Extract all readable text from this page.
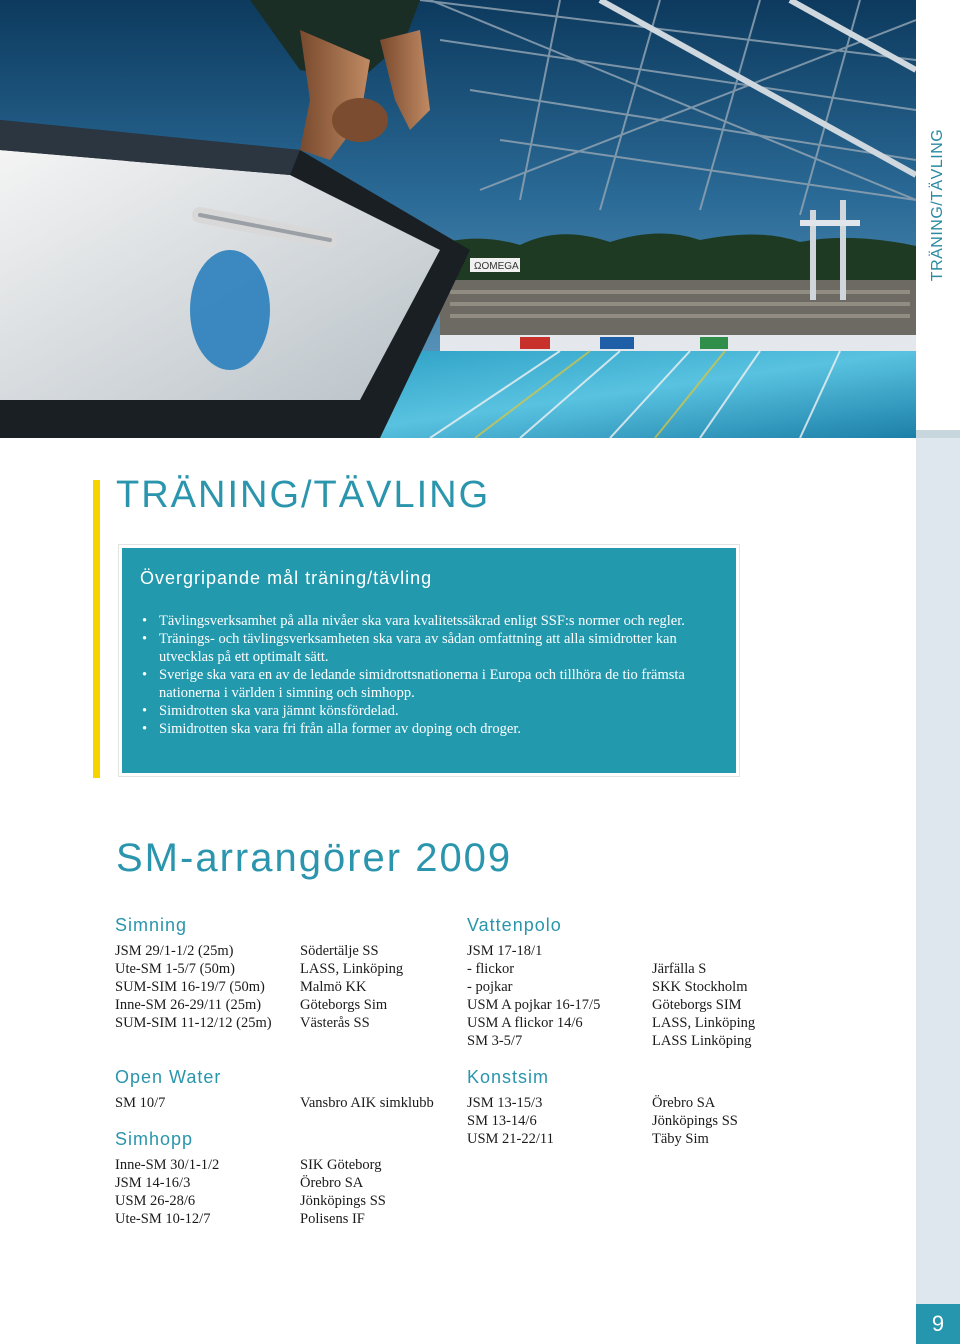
ΩOMEGA	TRÄNING/TÄVLING
9
TRÄNING/TÄVLING
Övergripande mål träning/tävling
• Tävlingsverksamhet på alla nivåer ska vara kvalitetssäkrad enligt SSF:s normer och regler.
• Tränings- och tävlingsverksamheten ska vara av sådan omfattning att alla simidrotter kan utvecklas på ett optimalt sätt.
• Sverige ska vara en av de ledande simidrottsnationerna i Europa och tillhöra de tio främsta nationerna i världen i simning och simhopp.
• Simidrotten ska vara jämnt könsfördelad.
• Simidrotten ska vara fri från alla former av doping och droger.
SM-arrangörer 2009
Simning
JSM 29/1-1/2 (25m)
Ute-SM 1-5/7 (50m)
SUM-SIM 16-19/7 (50m)
Inne-SM 26-29/11 (25m)
SUM-SIM 11-12/12 (25m)
Södertälje SS
LASS, Linköping
Malmö KK
Göteborgs Sim
Västerås SS
Open Water
SM 10/7	Vansbro AIK simklubb
Simhopp
Inne-SM 30/1-1/2
JSM 14-16/3
USM 26-28/6
Ute-SM 10-12/7
SIK Göteborg
Örebro SA
Jönköpings SS
Polisens IF
Vattenpolo
JSM 17-18/1
- flickor
- pojkar
USM A pojkar 16-17/5
USM A flickor 14/6
SM 3-5/7
Järfälla S
SKK Stockholm
Göteborgs SIM
LASS, Linköping
LASS Linköping
Konstsim
JSM 13-15/3
SM 13-14/6
USM 21-22/11
Örebro SA
Jönköpings SS
Täby Sim
